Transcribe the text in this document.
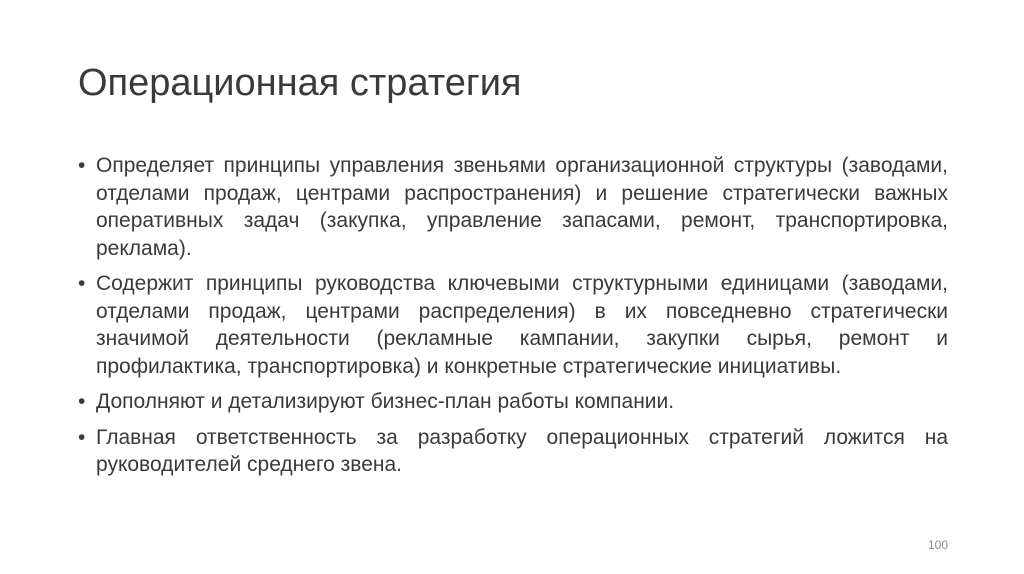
Операционная стратегия
• Определяет принципы управления звеньями организационной структуры (заводами, отделами продаж, центрами распространения) и решение стратегически важных оперативных задач (закупка, управление запасами, ремонт, транспортировка, реклама).
• Содержит принципы руководства ключевыми структурными единицами (заводами, отделами продаж, центрами распределения) в их повседневно стратегически значимой деятельности (рекламные кампании, закупки сырья, ремонт и профилактика, транспортировка) и конкретные стратегические инициативы.
• Дополняют и детализируют бизнес-план работы компании.
• Главная ответственность за разработку операционных стратегий ложится на руководителей среднего звена.
100
